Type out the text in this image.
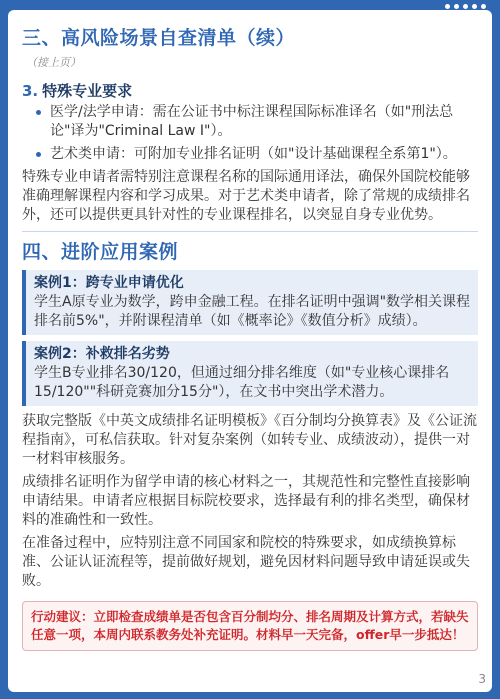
三、高风险场景自查清单（续）
（接上页）
3. 特殊专业要求
医学/法学申请：需在公证书中标注课程国际标准译名（如"刑法总论"译为"Criminal Law I"）。
艺术类申请：可附加专业排名证明（如"设计基础课程全系第1"）。

特殊专业申请者需特别注意课程名称的国际通用译法，确保外国院校能够准确理解课程内容和学习成果。对于艺术类申请者，除了常规的成绩排名外，还可以提供更具针对性的专业课程排名，以突显自身专业优势。

四、进阶应用案例
案例1：跨专业申请优化
学生A原专业为数学，跨申金融工程。在排名证明中强调"数学相关课程排名前5%"，并附课程清单（如《概率论》《数值分析》成绩）。
案例2：补救排名劣势
学生B专业排名30/120，但通过细分排名维度（如"专业核心课排名15/120""科研竞赛加分15分"），在文书中突出学术潜力。

获取完整版《中英文成绩排名证明模板》《百分制均分换算表》及《公证流程指南》，可私信获取。针对复杂案例（如转专业、成绩波动），提供一对一材料审核服务。

成绩排名证明作为留学申请的核心材料之一，其规范性和完整性直接影响申请结果。申请者应根据目标院校要求，选择最有利的排名类型，确保材料的准确性和一致性。

在准备过程中，应特别注意不同国家和院校的特殊要求，如成绩换算标准、公证认证流程等，提前做好规划，避免因材料问题导致申请延误或失败。

行动建议：立即检查成绩单是否包含百分制均分、排名周期及计算方式，若缺失任意一项，本周内联系教务处补充证明。材料早一天完备，offer早一步抵达！
3
